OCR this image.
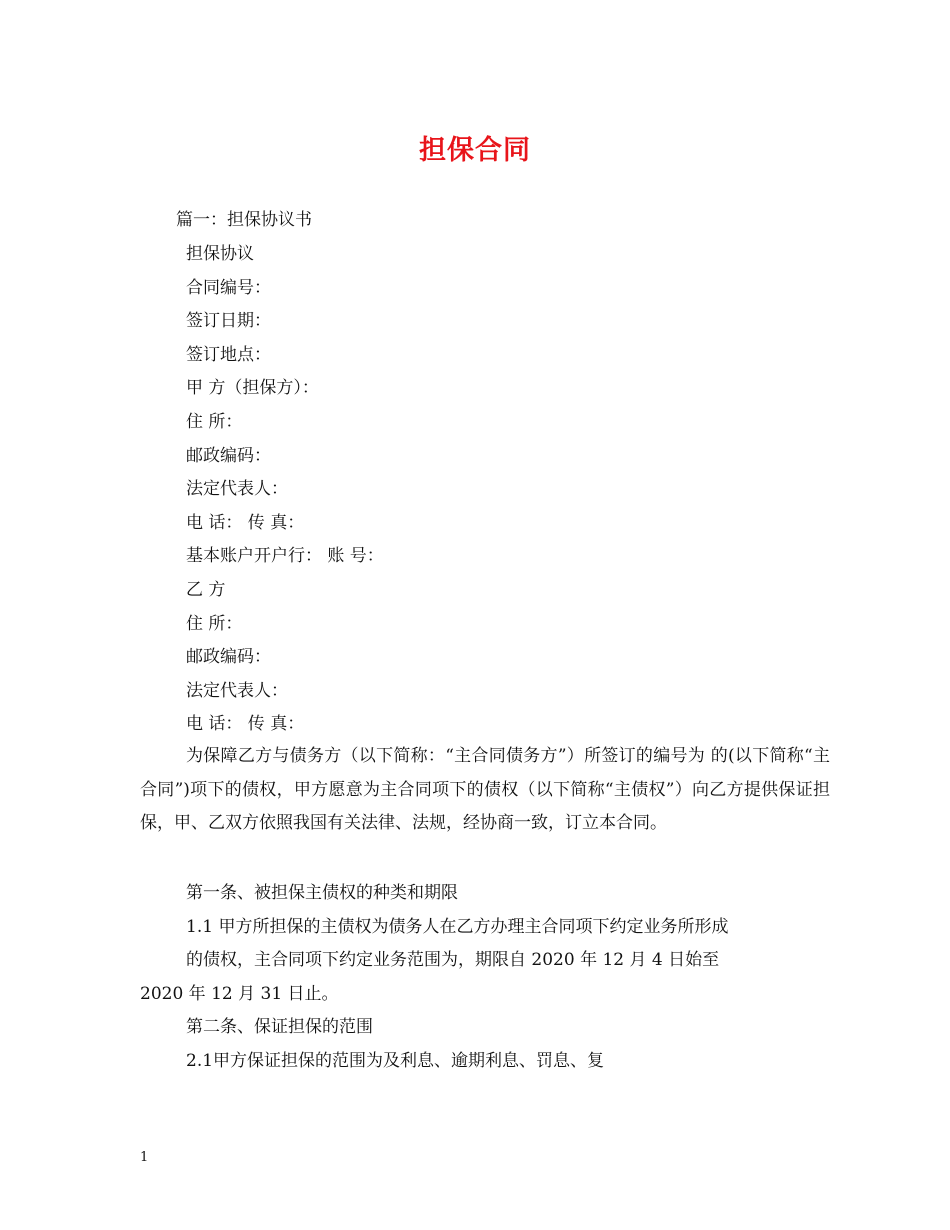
担保合同
篇一：担保协议书
担保协议
合同编号：
签订日期：
签订地点：
甲 方（担保方）：
住 所：
邮政编码：
法定代表人：
电 话： 传 真：
基本账户开户行： 账 号：
乙 方
住 所：
邮政编码：
法定代表人：
电 话： 传 真：
为保障乙方与债务方（以下简称：“主合同债务方”）所签订的编号为 的(以下简称“主合同”)项下的债权，甲方愿意为主合同项下的债权（以下简称“主债权”）向乙方提供保证担保，甲、乙双方依照我国有关法律、法规，经协商一致，订立本合同。
第一条、被担保主债权的种类和期限
1.1 甲方所担保的主债权为债务人在乙方办理主合同项下约定业务所形成
的债权，主合同项下约定业务范围为，期限自 2020 年 12 月 4 日始至
2020 年 12 月 31 日止。
第二条、保证担保的范围
2.1甲方保证担保的范围为及利息、逾期利息、罚息、复
1
